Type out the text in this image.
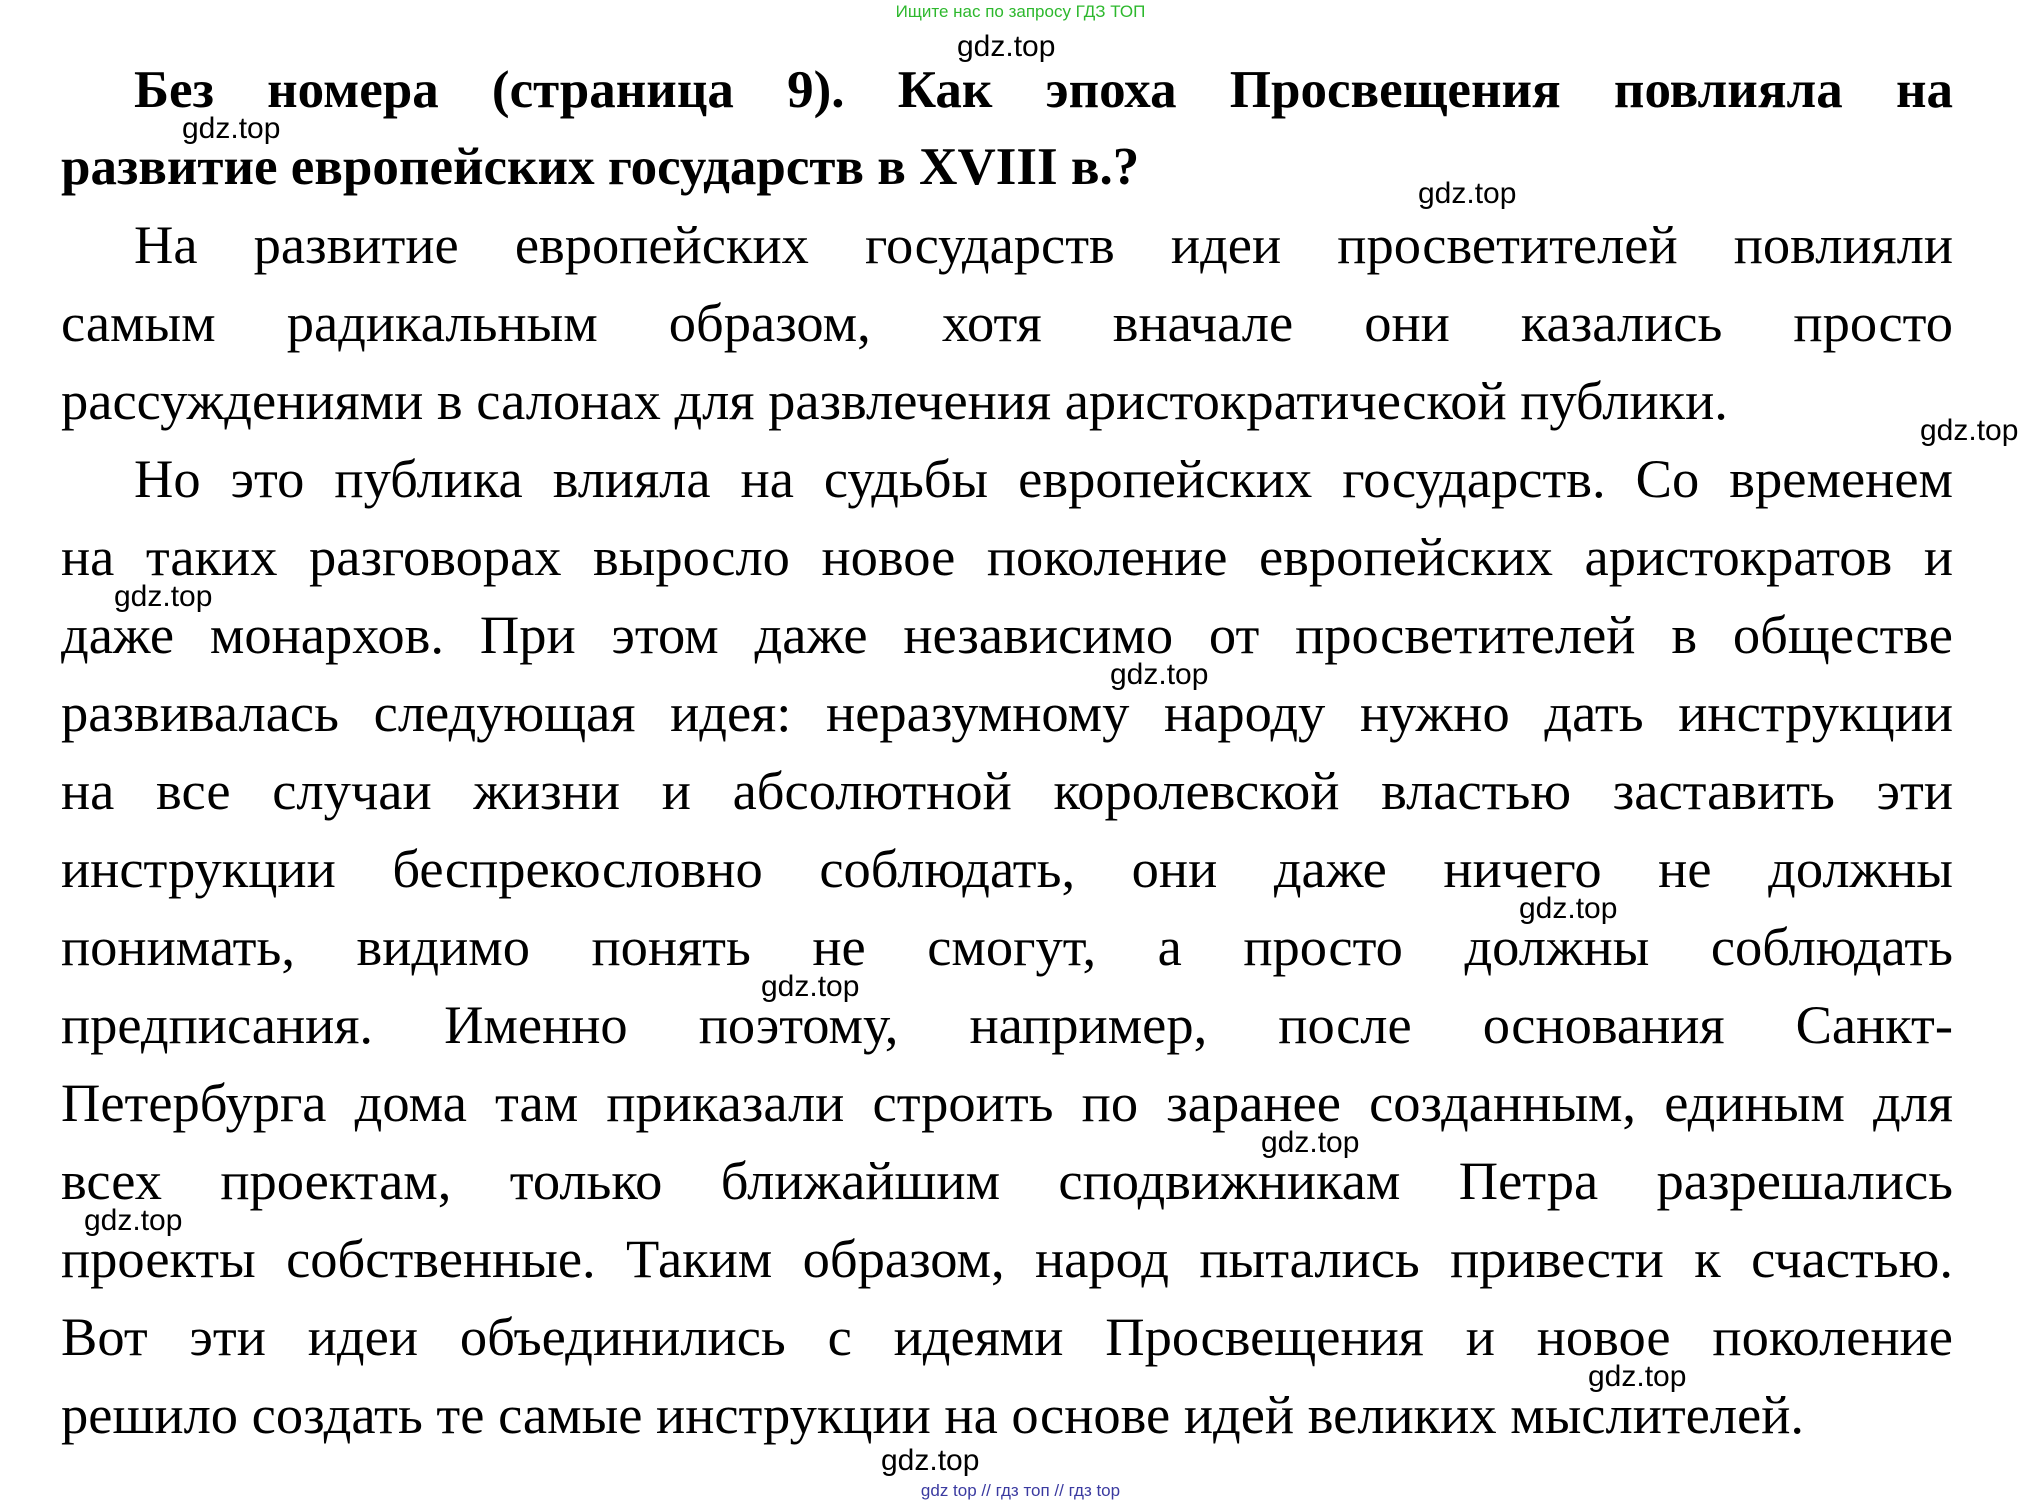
Ищите нас по запросу ГДЗ ТОП
Без номера (страница 9). Как эпоха Просвещения повлияла на
развитие европейских государств в XVIII в.?
На развитие европейских государств идеи просветителей повлияли
самым радикальным образом, хотя вначале они казались просто
рассуждениями в салонах для развлечения аристократической публики.
Но это публика влияла на судьбы европейских государств. Со временем
на таких разговорах выросло новое поколение европейских аристократов и
даже монархов. При этом даже независимо от просветителей в обществе
развивалась следующая идея: неразумному народу нужно дать инструкции
на все случаи жизни и абсолютной королевской властью заставить эти
инструкции беспрекословно соблюдать, они даже ничего не должны
понимать, видимо понять не смогут, а просто должны соблюдать
предписания. Именно поэтому, например, после основания Санкт-
Петербурга дома там приказали строить по заранее созданным, единым для
всех проектам, только ближайшим сподвижникам Петра разрешались
проекты собственные. Таким образом, народ пытались привести к счастью.
Вот эти идеи объединились с идеями Просвещения и новое поколение
решило создать те самые инструкции на основе идей великих мыслителей.
gdz.top
gdz.top
gdz.top
gdz.top
gdz.top
gdz.top
gdz.top
gdz.top
gdz.top
gdz.top
gdz.top
gdz.top
gdz top // гдз топ // гдз top
